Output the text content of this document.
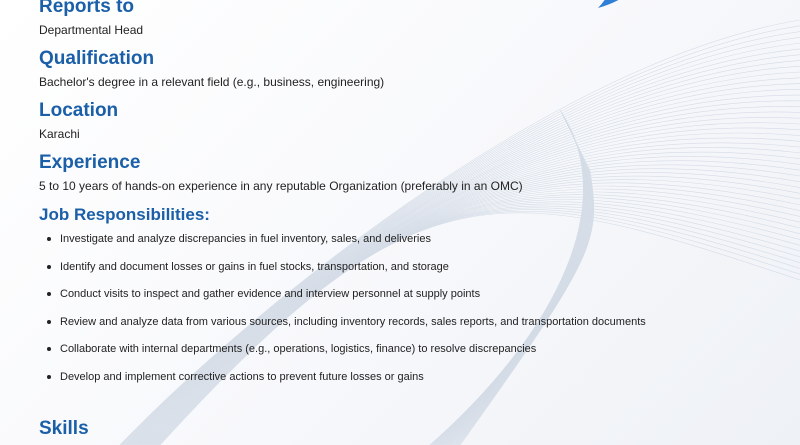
Reports to

Departmental Head

Qualification

Bachelor's degree in a relevant field (e.g., business, engineering)

Location

Karachi

Experience

5 to 10 years of hands-on experience in any reputable Organization (preferably in an OMC)

Job Responsibilities:
Investigate and analyze discrepancies in fuel inventory, sales, and deliveries
Identify and document losses or gains in fuel stocks, transportation, and storage
Conduct visits to inspect and gather evidence and interview personnel at supply points
Review and analyze data from various sources, including inventory records, sales reports, and transportation documents
Collaborate with internal departments (e.g., operations, logistics, finance) to resolve discrepancies
Develop and implement corrective actions to prevent future losses or gains
Skills
